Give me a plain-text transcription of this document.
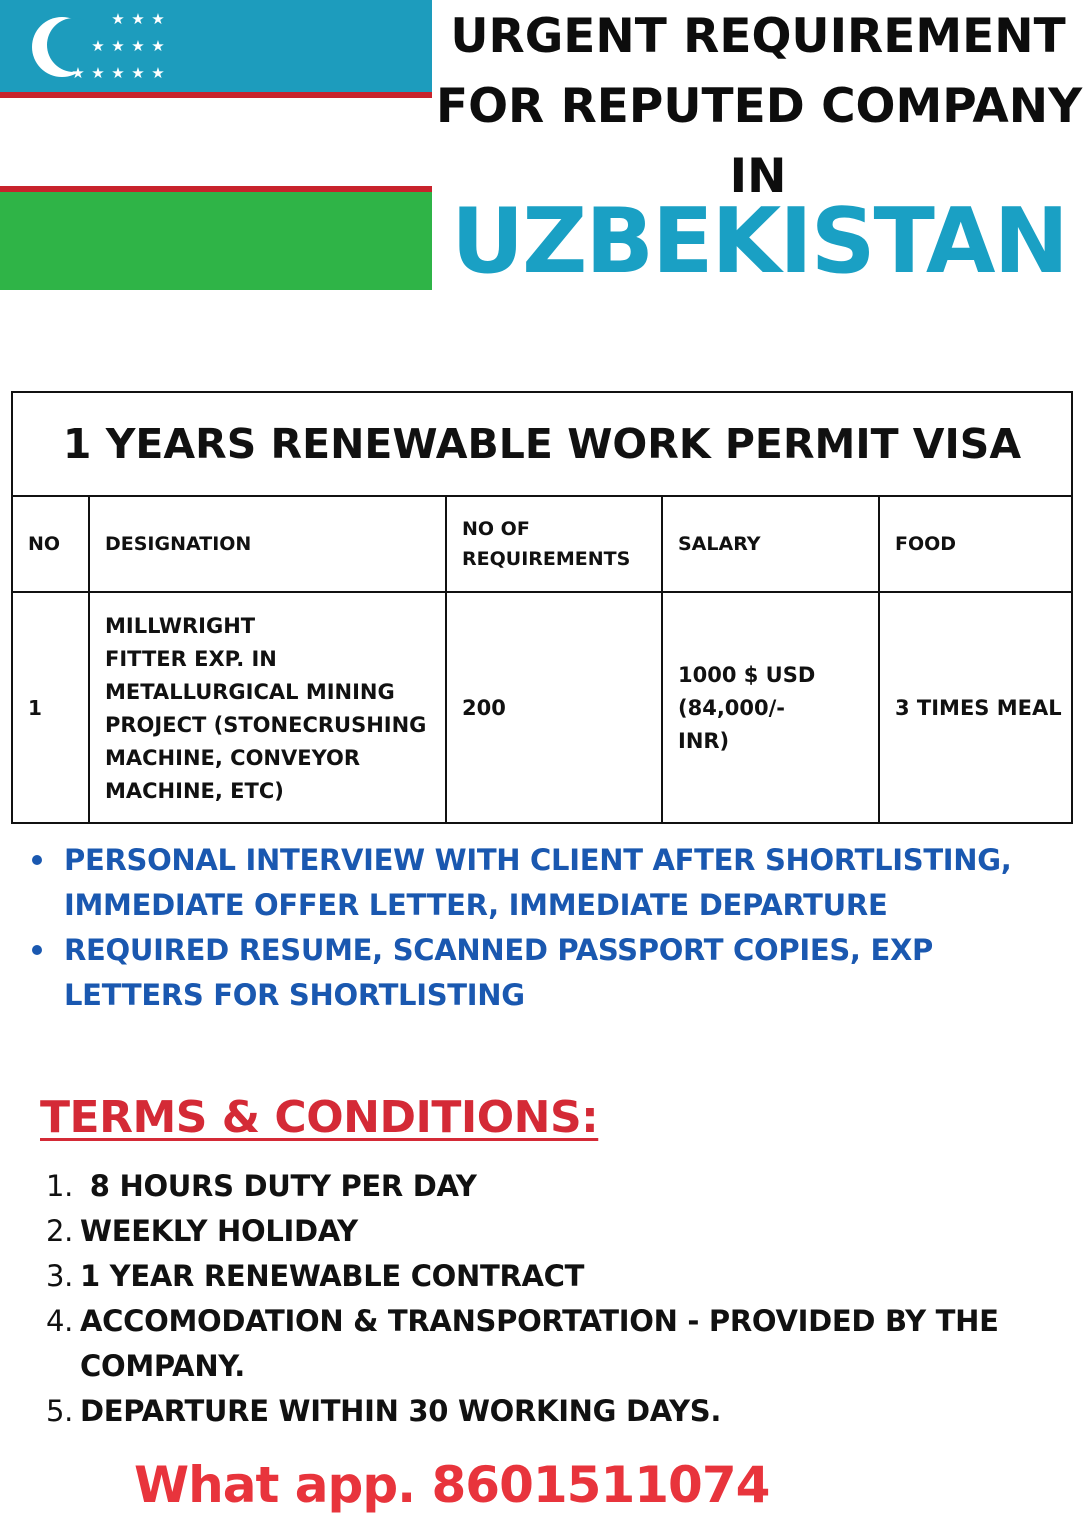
★ ★ ★
★ ★ ★ ★
★ ★ ★ ★ ★
URGENT REQUIREMENT
FOR REPUTED COMPANY
IN
UZBEKISTAN
1 YEARS RENEWABLE WORK PERMIT VISA
NO DESIGNATION
NO OF
REQUIREMENTS
SALARY	FOOD
1
MILLWRIGHT
FITTER EXP. IN
METALLURGICAL MINING
PROJECT (STONECRUSHING
MACHINE, CONVEYOR
MACHINE, ETC)
200
1000 $ USD
(84,000/-
INR)
3 TIMES MEAL
PERSONAL INTERVIEW WITH CLIENT AFTER SHORTLISTING, IMMEDIATE OFFER LETTER, IMMEDIATE DEPARTURE
REQUIRED RESUME, SCANNED PASSPORT COPIES, EXP LETTERS FOR SHORTLISTING
TERMS & CONDITIONS:
1. 8 HOURS DUTY PER DAY
2. WEEKLY HOLIDAY
3. 1 YEAR RENEWABLE CONTRACT
4. ACCOMODATION & TRANSPORTATION - PROVIDED BY THE COMPANY.
5. DEPARTURE WITHIN 30 WORKING DAYS.
What app. 8601511074
